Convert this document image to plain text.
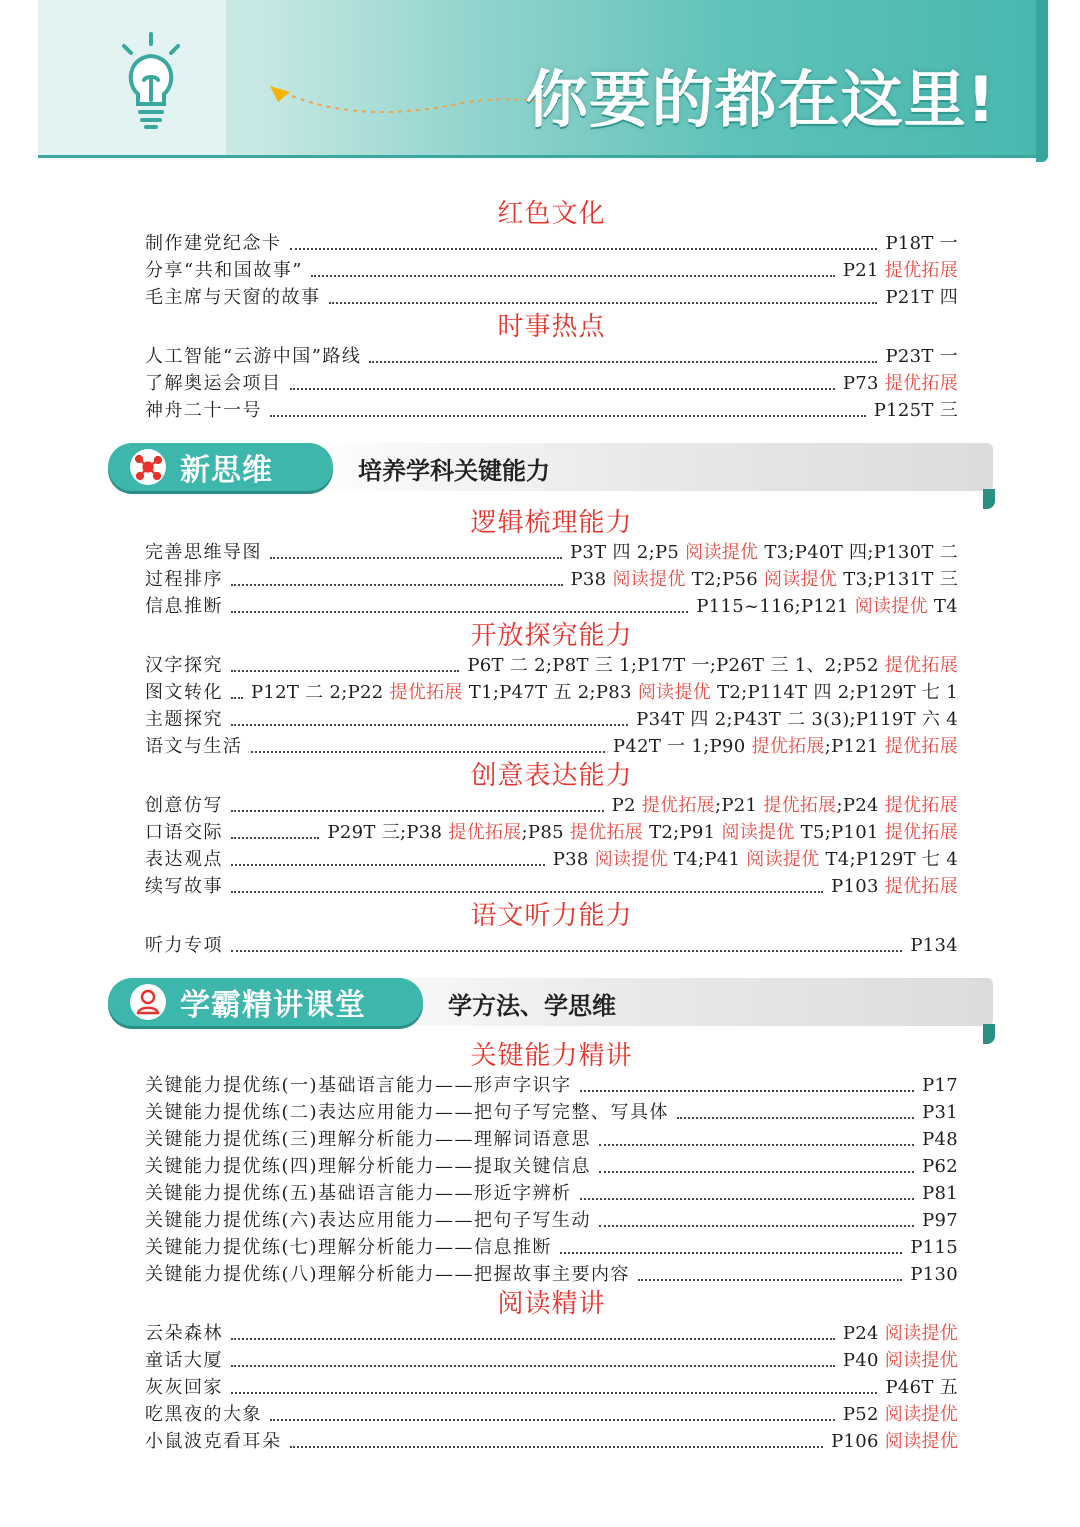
你要的都在这里!
红色文化
制作建党纪念卡	P18T 一
分享“共和国故事”	P21 提优拓展
毛主席与天窗的故事	P21T 四
时事热点
人工智能“云游中国”路线	P23T 一
了解奥运会项目	P73 提优拓展
神舟二十一号	P125T 三
新思维	培养学科关键能力
逻辑梳理能力
完善思维导图	P3T 四 2;P5 阅读提优 T3;P40T 四;P130T 二
过程排序	P38 阅读提优 T2;P56 阅读提优 T3;P131T 三
信息推断	P115~116;P121 阅读提优 T4
开放探究能力
汉字探究	P6T 二 2;P8T 三 1;P17T 一;P26T 三 1、2;P52 提优拓展
图文转化 P12T 二 2;P22 提优拓展 T1;P47T 五 2;P83 阅读提优 T2;P114T 四 2;P129T 七 1
主题探究	P34T 四 2;P43T 二 3(3);P119T 六 4
语文与生活	P42T 一 1;P90 提优拓展;P121 提优拓展
创意表达能力
创意仿写	P2 提优拓展;P21 提优拓展;P24 提优拓展
口语交际	P29T 三;P38 提优拓展;P85 提优拓展 T2;P91 阅读提优 T5;P101 提优拓展
表达观点	P38 阅读提优 T4;P41 阅读提优 T4;P129T 七 4
续写故事	P103 提优拓展
语文听力能力
听力专项	P134
学霸精讲课堂	学方法、学思维
关键能力精讲
关键能力提优练(一)基础语言能力——形声字识字	P17
关键能力提优练(二)表达应用能力——把句子写完整、写具体	P31
关键能力提优练(三)理解分析能力——理解词语意思	P48
关键能力提优练(四)理解分析能力——提取关键信息	P62
关键能力提优练(五)基础语言能力——形近字辨析	P81
关键能力提优练(六)表达应用能力——把句子写生动	P97
关键能力提优练(七)理解分析能力——信息推断	P115
关键能力提优练(八)理解分析能力——把握故事主要内容	P130
阅读精讲
云朵森林	P24 阅读提优
童话大厦	P40 阅读提优
灰灰回家	P46T 五
吃黑夜的大象	P52 阅读提优
小鼠波克看耳朵	P106 阅读提优
